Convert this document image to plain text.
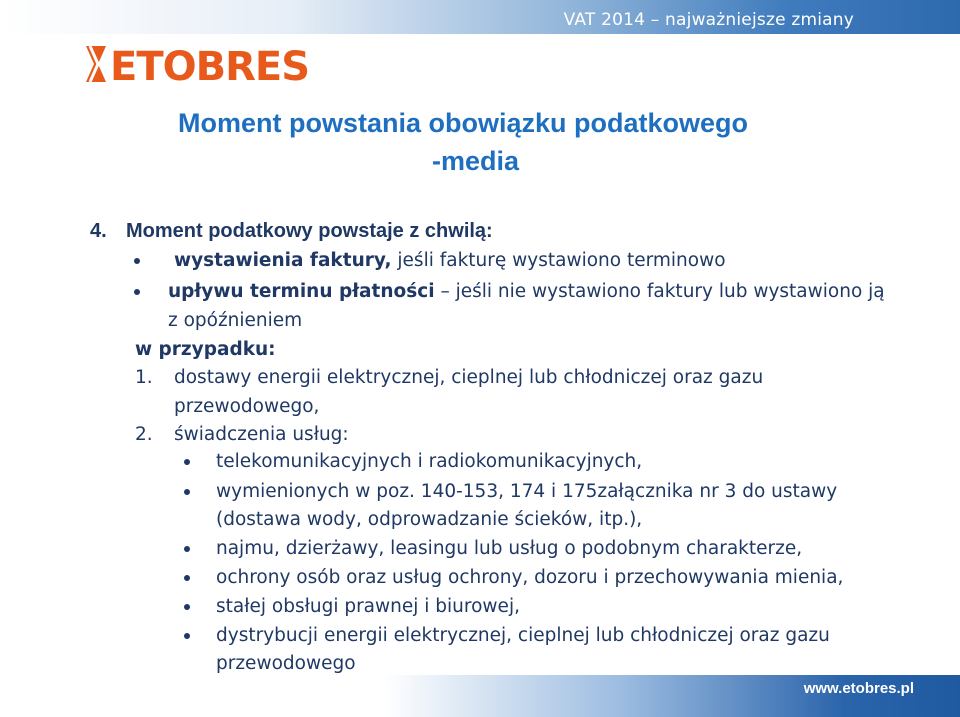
VAT 2014 – najważniejsze zmiany
ETOBRES
Moment powstania obowiązku podatkowego
-media
4. Moment podatkowy powstaje z chwilą:
wystawienia faktury, jeśli fakturę wystawiono terminowo
upływu terminu płatności – jeśli nie wystawiono faktury lub wystawiono ją
z opóźnieniem
w przypadku:
1. dostawy energii elektrycznej, cieplnej lub chłodniczej oraz gazu
przewodowego,
2. świadczenia usług:
telekomunikacyjnych i radiokomunikacyjnych,
wymienionych w poz. 140-153, 174 i 175załącznika nr 3 do ustawy
(dostawa wody, odprowadzanie ścieków, itp.),
najmu, dzierżawy, leasingu lub usług o podobnym charakterze,
ochrony osób oraz usług ochrony, dozoru i przechowywania mienia,
stałej obsługi prawnej i biurowej,
dystrybucji energii elektrycznej, cieplnej lub chłodniczej oraz gazu
przewodowego
www.etobres.pl
